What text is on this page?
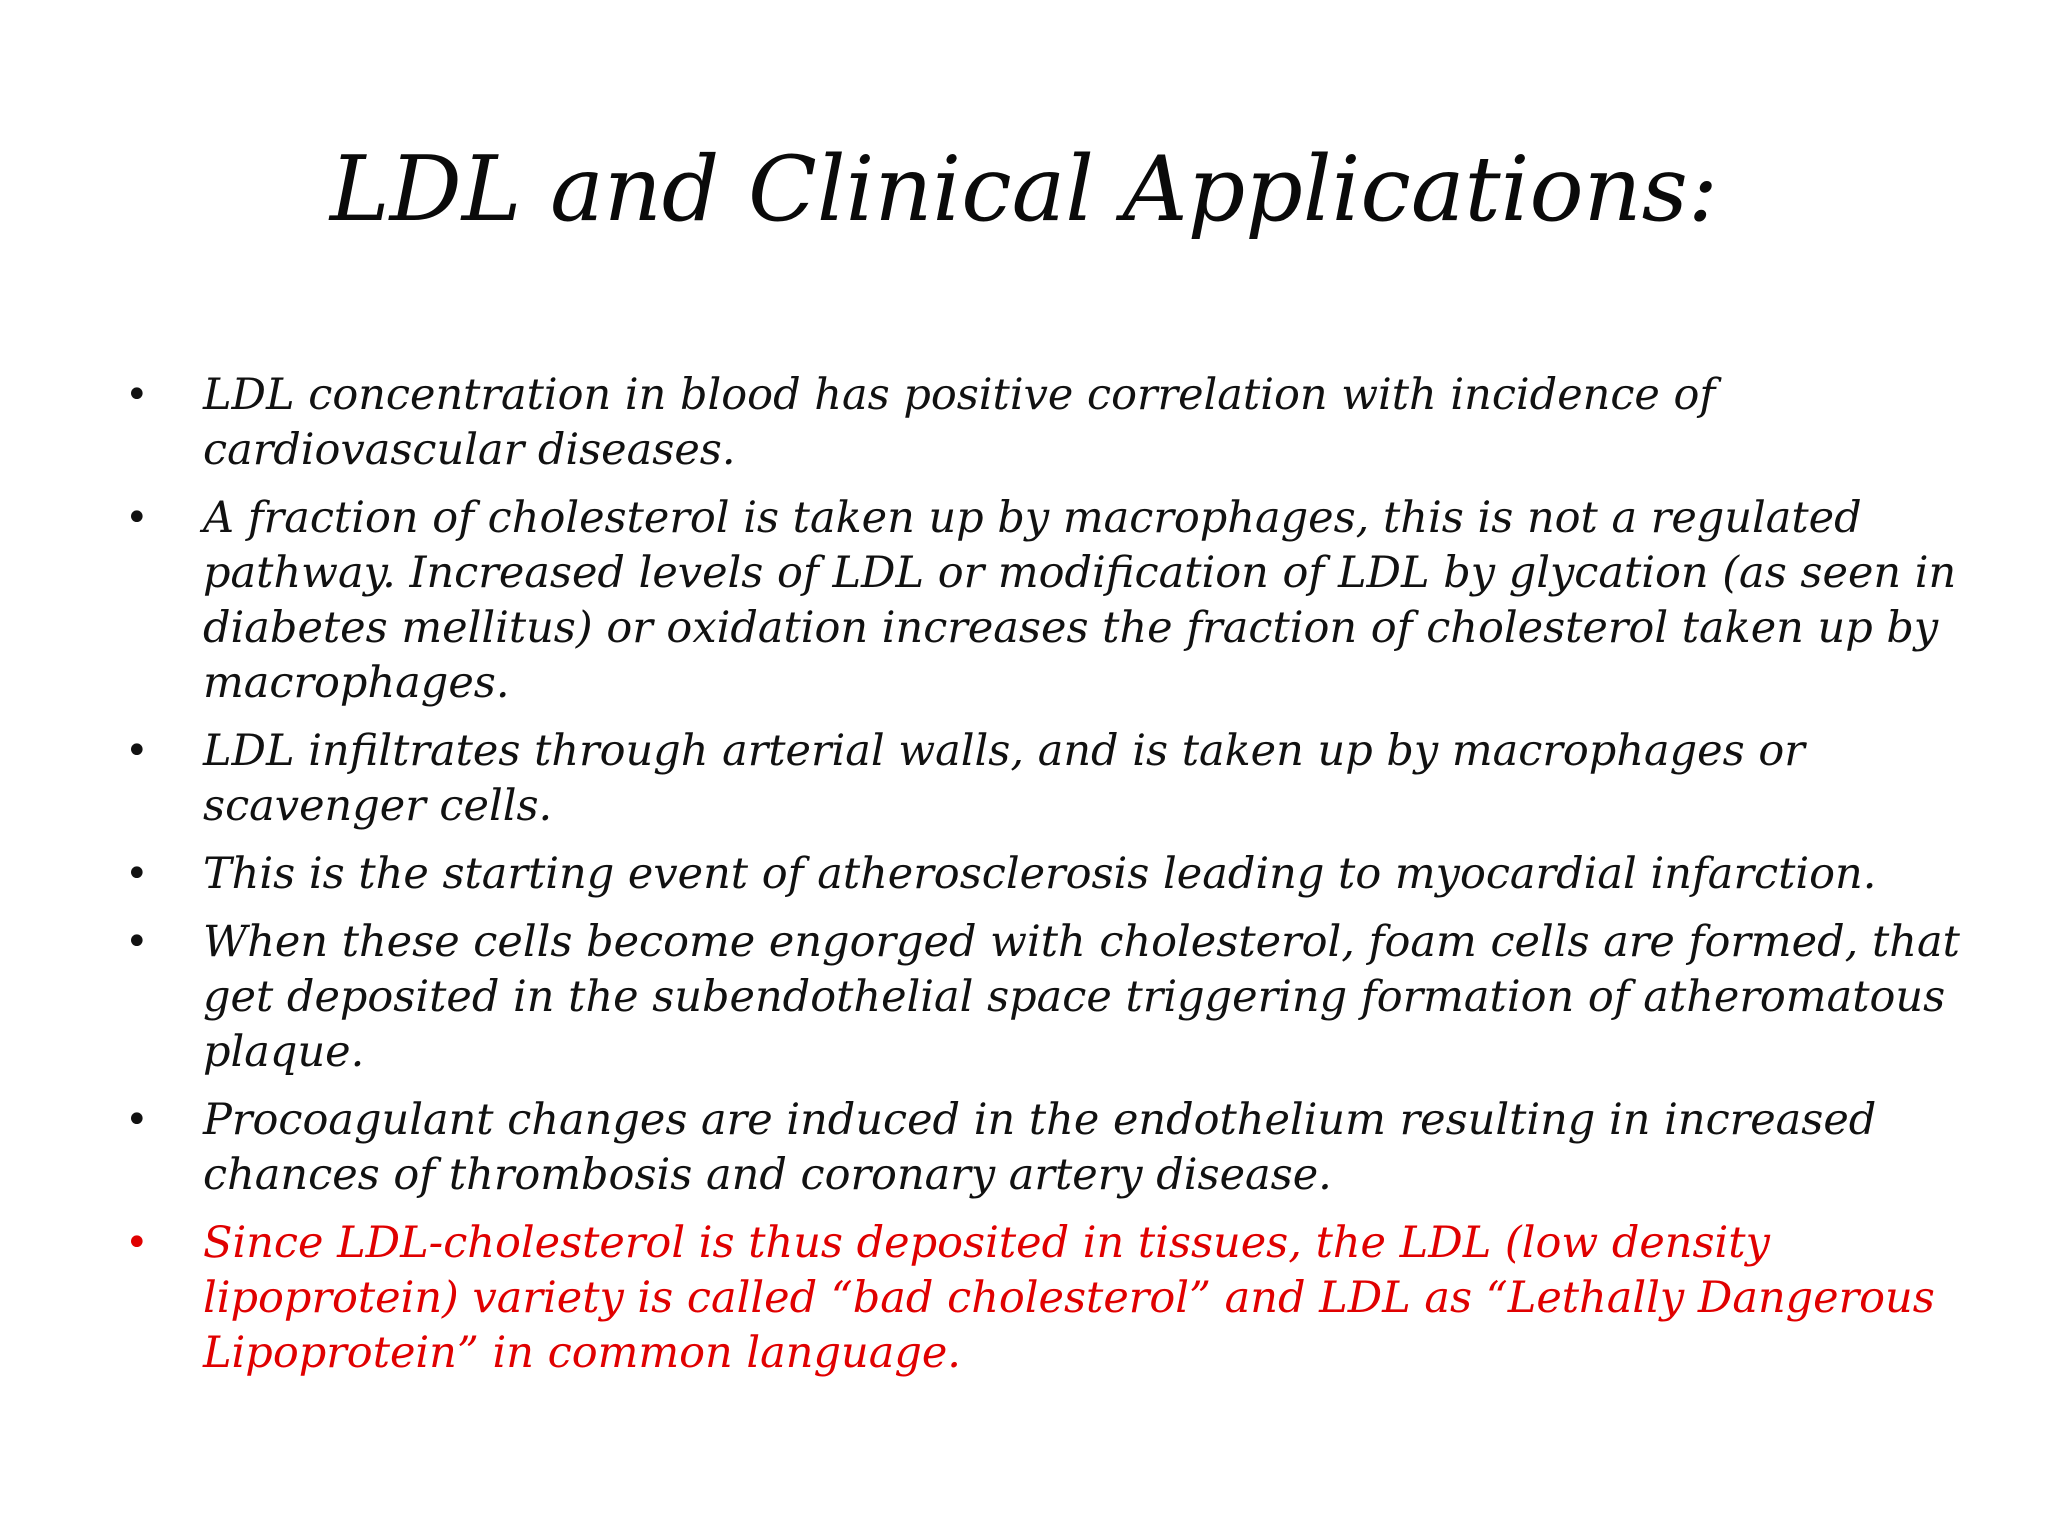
LDL and Clinical Applications:
• LDL concentration in blood has positive correlation with incidence of cardiovascular diseases.
• A fraction of cholesterol is taken up by macrophages, this is not a regulated pathway. Increased levels of LDL or modification of LDL by glycation (as seen in diabetes mellitus) or oxidation increases the fraction of cholesterol taken up by macrophages.
• LDL infiltrates through arterial walls, and is taken up by macrophages or scavenger cells.
• This is the starting event of atherosclerosis leading to myocardial infarction.
• When these cells become engorged with cholesterol, foam cells are formed, that get deposited in the subendothelial space triggering formation of atheromatous plaque.
• Procoagulant changes are induced in the endothelium resulting in increased chances of thrombosis and coronary artery disease.
• Since LDL-cholesterol is thus deposited in tissues, the LDL (low density lipoprotein) variety is called “bad cholesterol” and LDL as “Lethally Dangerous Lipoprotein” in common language.
